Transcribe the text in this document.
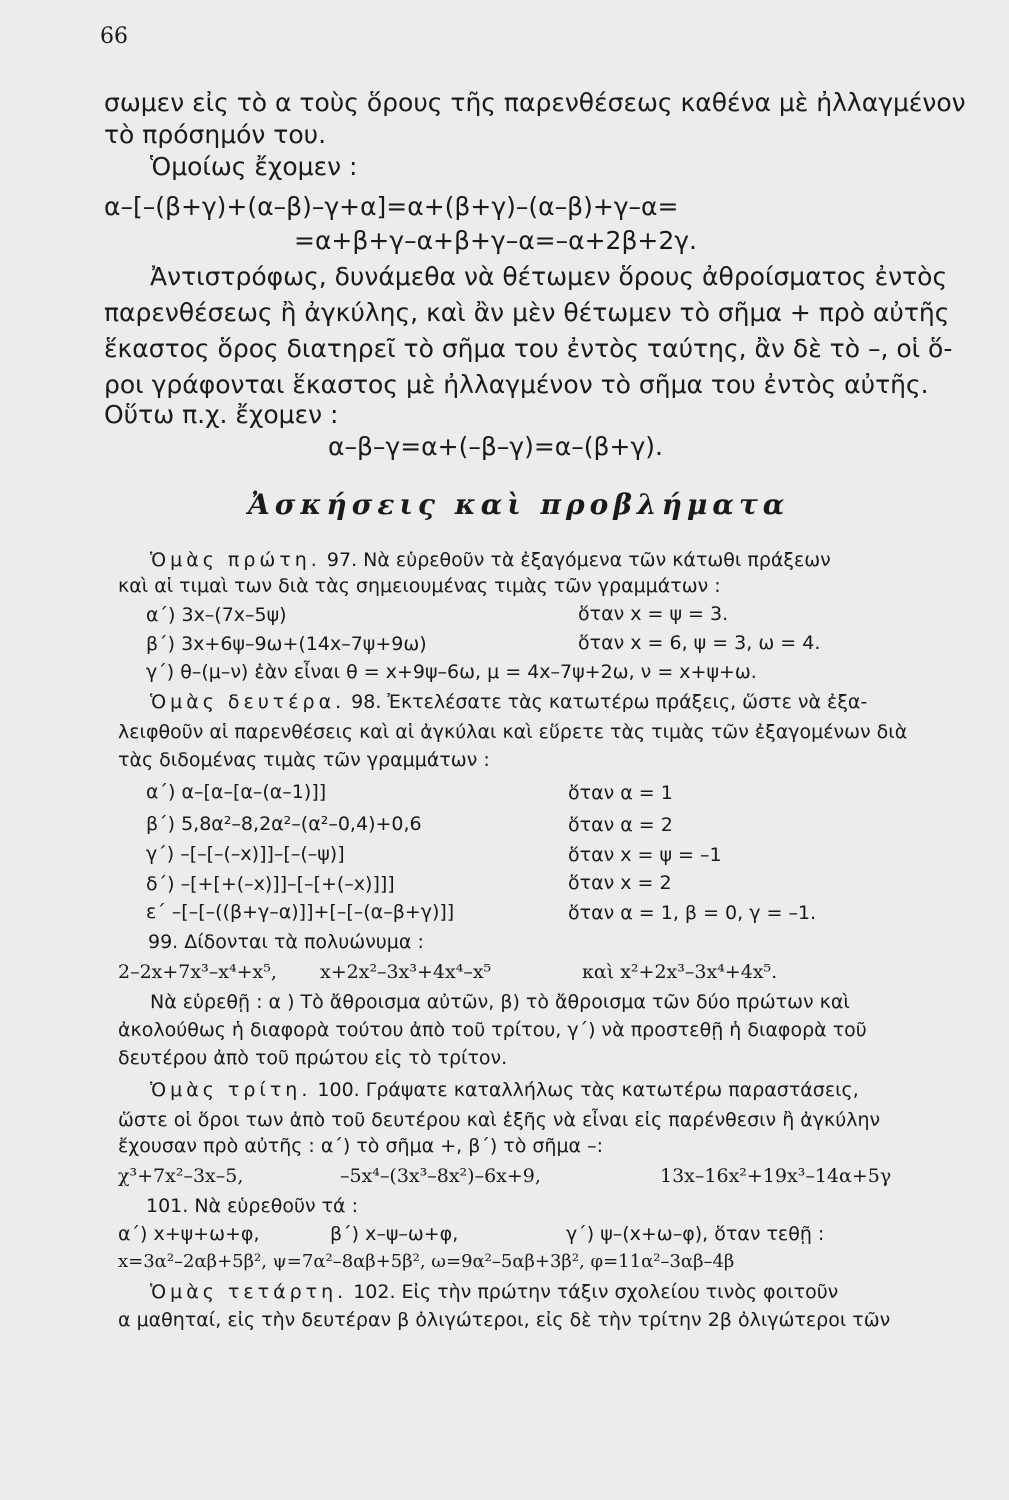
66
σωμεν εἰς τὸ α τοὺς ὅρους τῆς παρενθέσεως καθένα μὲ ἠλλαγμένον
τὸ πρόσημόν του.
Ὁμοίως ἔχομεν :
α–[–(β+γ)+(α–β)–γ+α]=α+(β+γ)–(α–β)+γ–α=
=α+β+γ–α+β+γ–α=–α+2β+2γ.
Ἀντιστρόφως, δυνάμεθα νὰ θέτωμεν ὅρους ἀθροίσματος ἐντὸς
παρενθέσεως ἢ ἀγκύλης, καὶ ἂν μὲν θέτωμεν τὸ σῆμα + πρὸ αὐτῆς
ἕκαστος ὅρος διατηρεῖ τὸ σῆμα του ἐντὸς ταύτης, ἂν δὲ τὸ –, οἱ ὅ-
ροι γράφονται ἕκαστος μὲ ἠλλαγμένον τὸ σῆμα του ἐντὸς αὐτῆς.
Οὕτω π.χ. ἔχομεν :
α–β–γ=α+(–β–γ)=α–(β+γ).
Ἀσκήσεις καὶ προβλήματα
Ὁμὰς πρώτη. 97. Νὰ εὑρεθοῦν τὰ ἐξαγόμενα τῶν κάτωθι πράξεων
καὶ αἱ τιμαὶ των διὰ τὰς σημειουμένας τιμὰς τῶν γραμμάτων :
α΄) 3x–(7x–5ψ)	ὅταν x = ψ = 3.
β΄) 3x+6ψ–9ω+(14x–7ψ+9ω)	ὅταν x = 6, ψ = 3, ω = 4.
γ΄) θ–(μ–ν) ἐὰν εἶναι θ = x+9ψ–6ω, μ = 4x–7ψ+2ω, ν = x+ψ+ω.
Ὁμὰς δευτέρα. 98. Ἐκτελέσατε τὰς κατωτέρω πράξεις, ὥστε νὰ ἐξα-
λειφθοῦν αἱ παρενθέσεις καὶ αἱ ἀγκύλαι καὶ εὕρετε τὰς τιμὰς τῶν ἐξαγομένων διὰ
τὰς διδομένας τιμὰς τῶν γραμμάτων :
α΄) α–[α–[α–(α–1)]]	ὅταν α = 1
β΄) 5,8α²–8,2α²–(α²–0,4)+0,6	ὅταν α = 2
γ΄) –[–[–(–x)]]–[–(–ψ)]	ὅταν x = ψ = –1
δ΄) –[+[+(–x)]]–[–[+(–x)]]]	ὅταν x = 2
ε΄ –[–[–((β+γ–α)]]+[–[–(α–β+γ)]]	ὅταν α = 1, β = 0, γ = –1.
99. Δίδονται τὰ πολυώνυμα :
2–2x+7x³–x⁴+x⁵, x+2x²–3x³+4x⁴–x⁵	καὶ x²+2x³–3x⁴+4x⁵.
Νὰ εὑρεθῇ : α ) Τὸ ἄθροισμα αὐτῶν, β) τὸ ἄθροισμα τῶν δύο πρώτων καὶ
ἀκολούθως ἡ διαφορὰ τούτου ἀπὸ τοῦ τρίτου, γ΄) νὰ προστεθῇ ἡ διαφορὰ τοῦ
δευτέρου ἀπὸ τοῦ πρώτου εἰς τὸ τρίτον.
Ὁμὰς τρίτη. 100. Γράψατε καταλλήλως τὰς κατωτέρω παραστάσεις,
ὥστε οἱ ὅροι των ἀπὸ τοῦ δευτέρου καὶ ἑξῆς νὰ εἶναι εἰς παρένθεσιν ἢ ἀγκύλην
ἔχουσαν πρὸ αὐτῆς : α΄) τὸ σῆμα +, β΄) τὸ σῆμα –:
χ³+7x²–3x–5,	–5x⁴–(3x³–8x²)–6x+9,	13x–16x²+19x³–14α+5γ
101. Νὰ εὑρεθοῦν τά :
α΄) x+ψ+ω+φ,	β΄) x–ψ–ω+φ,	γ΄) ψ–(x+ω–φ), ὅταν τεθῇ :
x=3α²–2αβ+5β², ψ=7α²–8αβ+5β², ω=9α²–5αβ+3β², φ=11α²–3αβ–4β
Ὁμὰς τετάρτη. 102. Εἰς τὴν πρώτην τάξιν σχολείου τινὸς φοιτοῦν
α μαθηταί, εἰς τὴν δευτέραν β ὀλιγώτεροι, εἰς δὲ τὴν τρίτην 2β ὀλιγώτεροι τῶν
